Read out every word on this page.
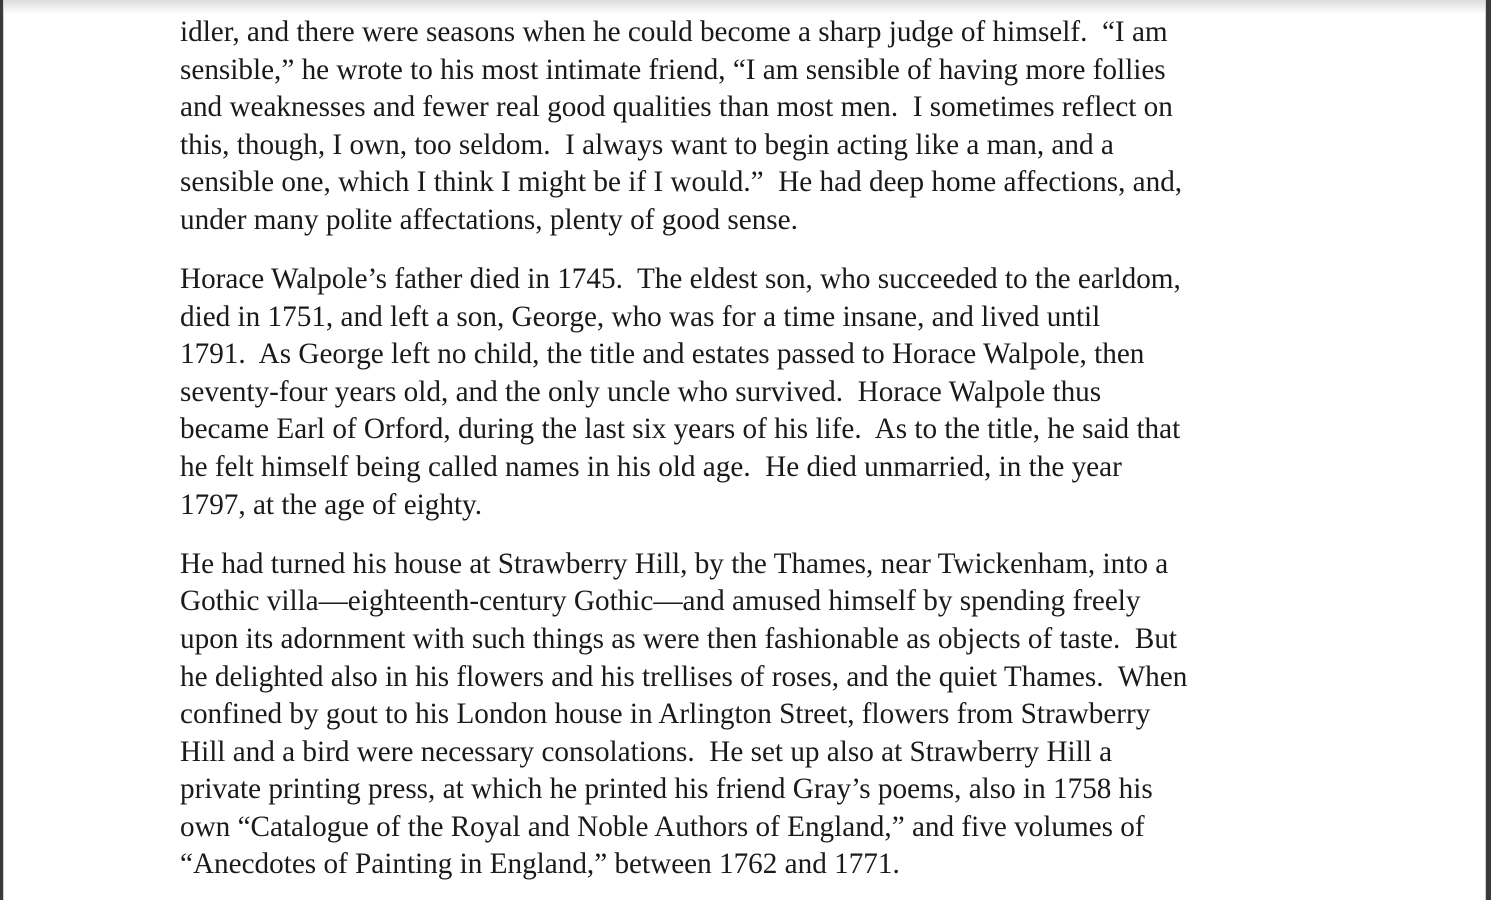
idler, and there were seasons when he could become a sharp judge of himself.  “I am
sensible,” he wrote to his most intimate friend, “I am sensible of having more follies
and weaknesses and fewer real good qualities than most men.  I sometimes reflect on
this, though, I own, too seldom.  I always want to begin acting like a man, and a
sensible one, which I think I might be if I would.”  He had deep home affections, and,
under many polite affectations, plenty of good sense.

Horace Walpole’s father died in 1745.  The eldest son, who succeeded to the earldom,
died in 1751, and left a son, George, who was for a time insane, and lived until
1791.  As George left no child, the title and estates passed to Horace Walpole, then
seventy-four years old, and the only uncle who survived.  Horace Walpole thus
became Earl of Orford, during the last six years of his life.  As to the title, he said that
he felt himself being called names in his old age.  He died unmarried, in the year
1797, at the age of eighty.

He had turned his house at Strawberry Hill, by the Thames, near Twickenham, into a
Gothic villa—eighteenth-century Gothic—and amused himself by spending freely
upon its adornment with such things as were then fashionable as objects of taste.  But
he delighted also in his flowers and his trellises of roses, and the quiet Thames.  When
confined by gout to his London house in Arlington Street, flowers from Strawberry
Hill and a bird were necessary consolations.  He set up also at Strawberry Hill a
private printing press, at which he printed his friend Gray’s poems, also in 1758 his
own “Catalogue of the Royal and Noble Authors of England,” and five volumes of
“Anecdotes of Painting in England,” between 1762 and 1771.
